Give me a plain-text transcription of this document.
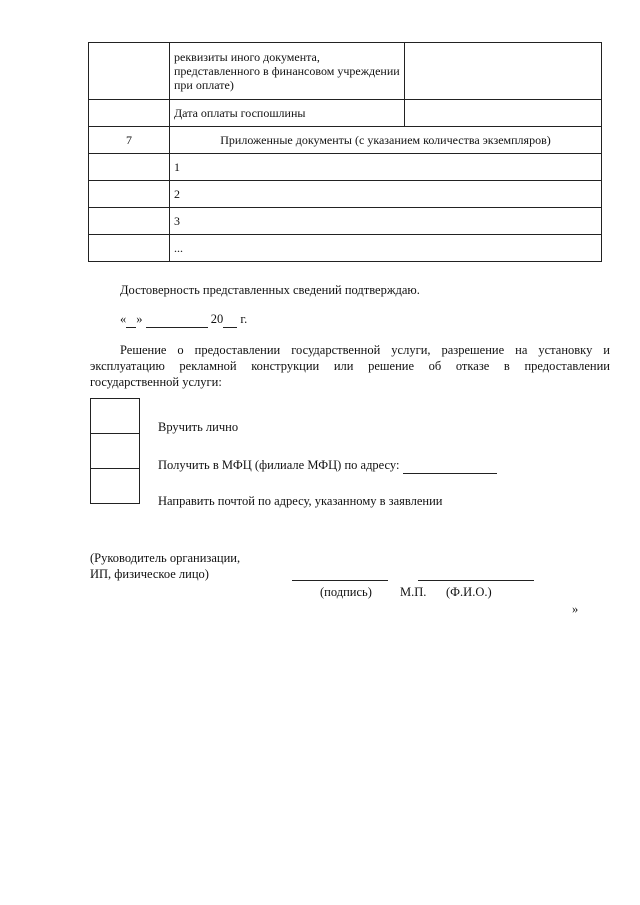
	реквизиты иного документа, представленного в финансовом учреждении при оплате)	
	Дата оплаты госпошлины	
7	Приложенные документы (с указанием количества экземпляров)	
	1	
	2	
	3	
	...	
Достоверность представленных сведений подтверждаю.
« »	20 г.
Решение о предоставлении государственной услуги, разрешение на установку и эксплуатацию рекламной конструкции или решение об отказе в предоставлении государственной услуги:
Вручить лично
Получить в МФЦ (филиале МФЦ) по адресу:
Направить почтой по адресу, указанному в заявлении
(Руководитель организации,
ИП, физическое лицо)
(подпись) М.П. (Ф.И.О.)
»
